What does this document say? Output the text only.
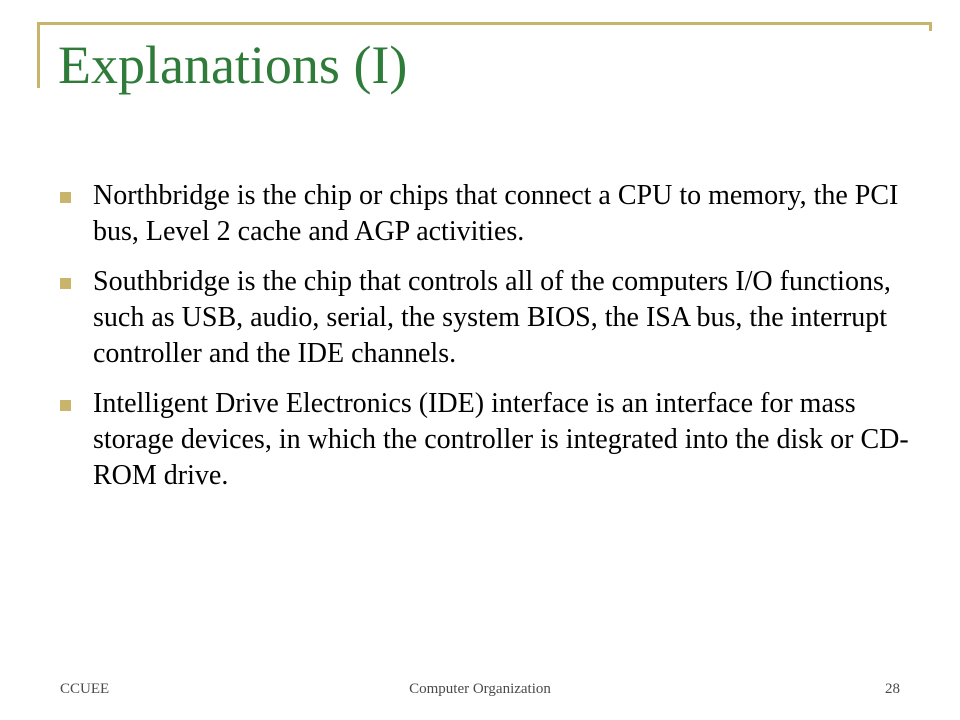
Explanations (I)
Northbridge is the chip or chips that connect a CPU to memory, the PCI bus, Level 2 cache and AGP activities.
Southbridge is the chip that controls all of the computers I/O functions, such as USB, audio, serial, the system BIOS, the ISA bus, the interrupt controller and the IDE channels.
Intelligent Drive Electronics (IDE) interface is an interface for mass storage devices, in which the controller is integrated into the disk or CD-ROM drive.
CCUEE	Computer Organization	28
